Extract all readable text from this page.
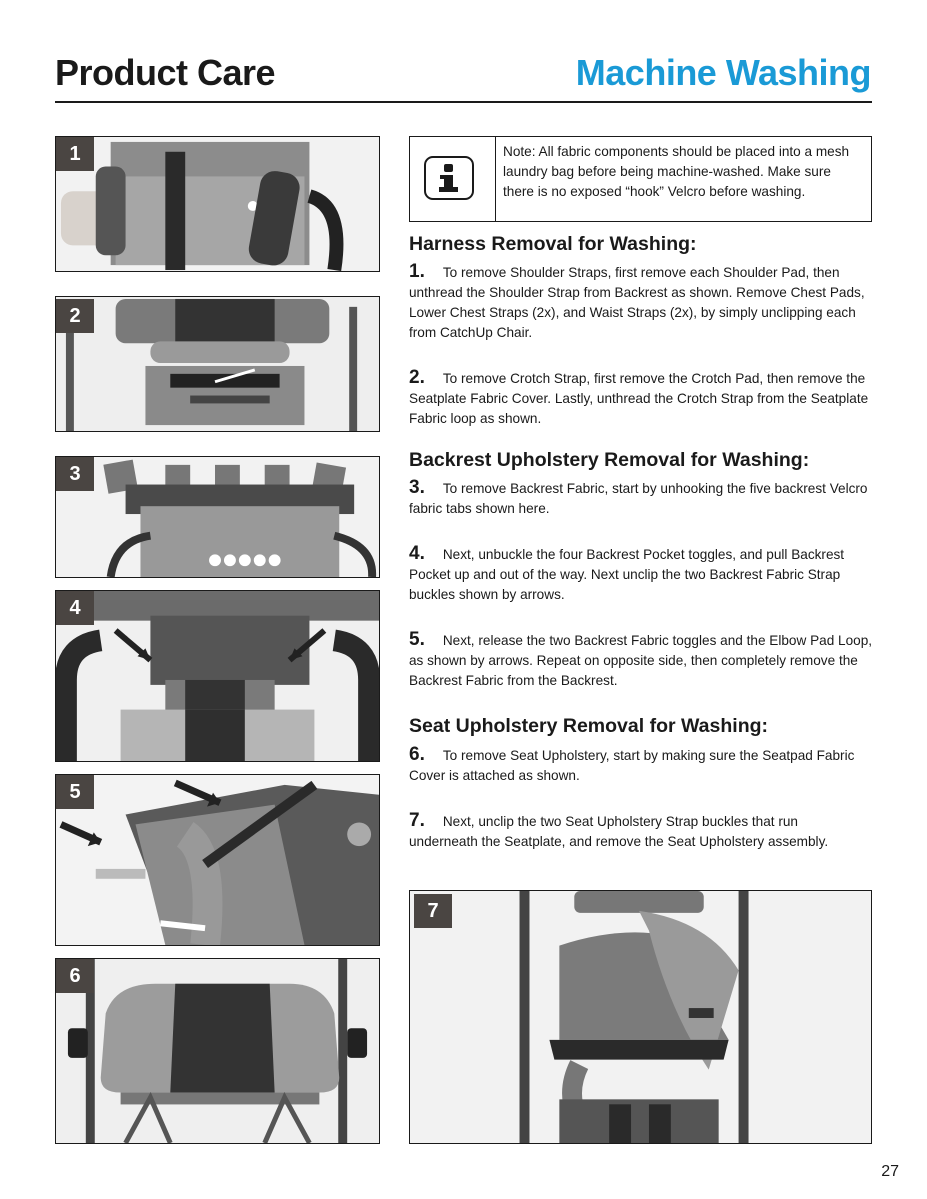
Product Care	Machine Washing
1
2
3
4
5
6
Note: All fabric components should be placed into a mesh laundry bag before being machine-washed. Make sure there is no exposed “hook” Velcro before washing.
Harness Removal for Washing:
1. To remove Shoulder Straps, first remove each Shoulder Pad, then unthread the Shoulder Strap from Backrest as shown. Remove Chest Pads, Lower Chest Straps (2x), and Waist Straps (2x), by simply unclipping each from CatchUp Chair.
2. To remove Crotch Strap, first remove the Crotch Pad, then remove the Seatplate Fabric Cover. Lastly, unthread the Crotch Strap from the Seatplate Fabric loop as shown.
Backrest Upholstery Removal for Washing:
3. To remove Backrest Fabric, start by unhooking the five backrest Velcro fabric tabs shown here.
4. Next, unbuckle the four Backrest Pocket toggles, and pull Backrest Pocket up and out of the way. Next unclip the two Backrest Fabric Strap buckles shown by arrows.
5. Next, release the two Backrest Fabric toggles and the Elbow Pad Loop, as shown by arrows. Repeat on opposite side, then completely remove the Backrest Fabric from the Backrest.
Seat Upholstery Removal for Washing:
6. To remove Seat Upholstery, start by making sure the Seatpad Fabric Cover is attached as shown.
7. Next, unclip the two Seat Upholstery Strap buckles that run underneath the Seatplate, and remove the Seat Upholstery assembly.
7
27
